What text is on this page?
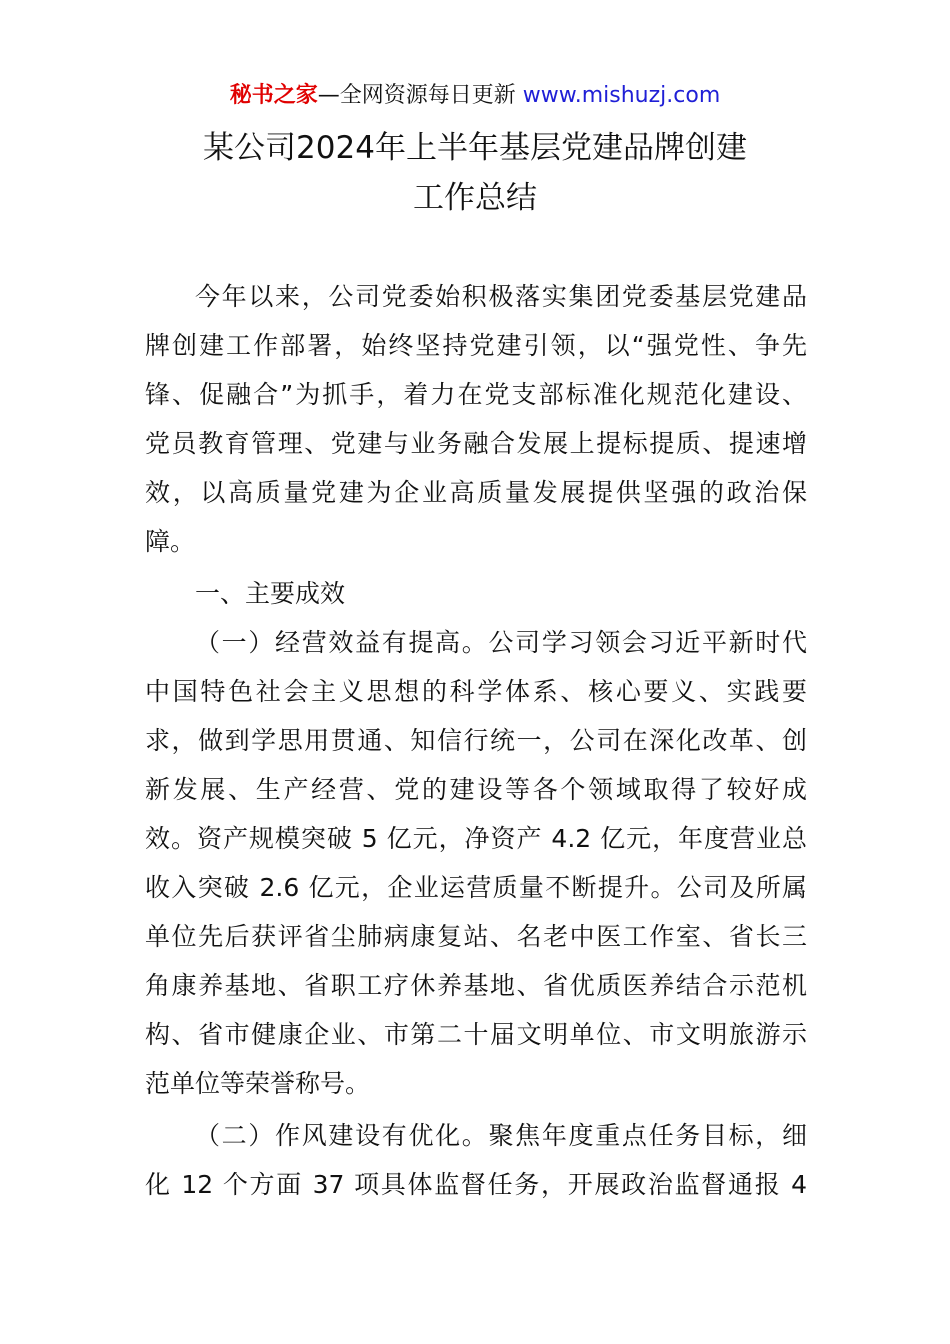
秘书之家—全网资源每日更新 www.mishuzj.com
某公司2024年上半年基层党建品牌创建
工作总结
今年以来，公司党委始积极落实集团党委基层党建品
牌创建工作部署，始终坚持党建引领，以“强党性、争先
锋、促融合”为抓手，着力在党支部标准化规范化建设、
党员教育管理、党建与业务融合发展上提标提质、提速增
效，以高质量党建为企业高质量发展提供坚强的政治保
障。
一、主要成效
（一）经营效益有提高。公司学习领会习近平新时代
中国特色社会主义思想的科学体系、核心要义、实践要
求，做到学思用贯通、知信行统一，公司在深化改革、创
新发展、生产经营、党的建设等各个领域取得了较好成
效。资产规模突破 5 亿元，净资产 4.2 亿元，年度营业总
收入突破 2.6 亿元，企业运营质量不断提升。公司及所属
单位先后获评省尘肺病康复站、名老中医工作室、省长三
角康养基地、省职工疗休养基地、省优质医养结合示范机
构、省市健康企业、市第二十届文明单位、市文明旅游示
范单位等荣誉称号。
（二）作风建设有优化。聚焦年度重点任务目标，细
化 12 个方面 37 项具体监督任务，开展政治监督通报 4
